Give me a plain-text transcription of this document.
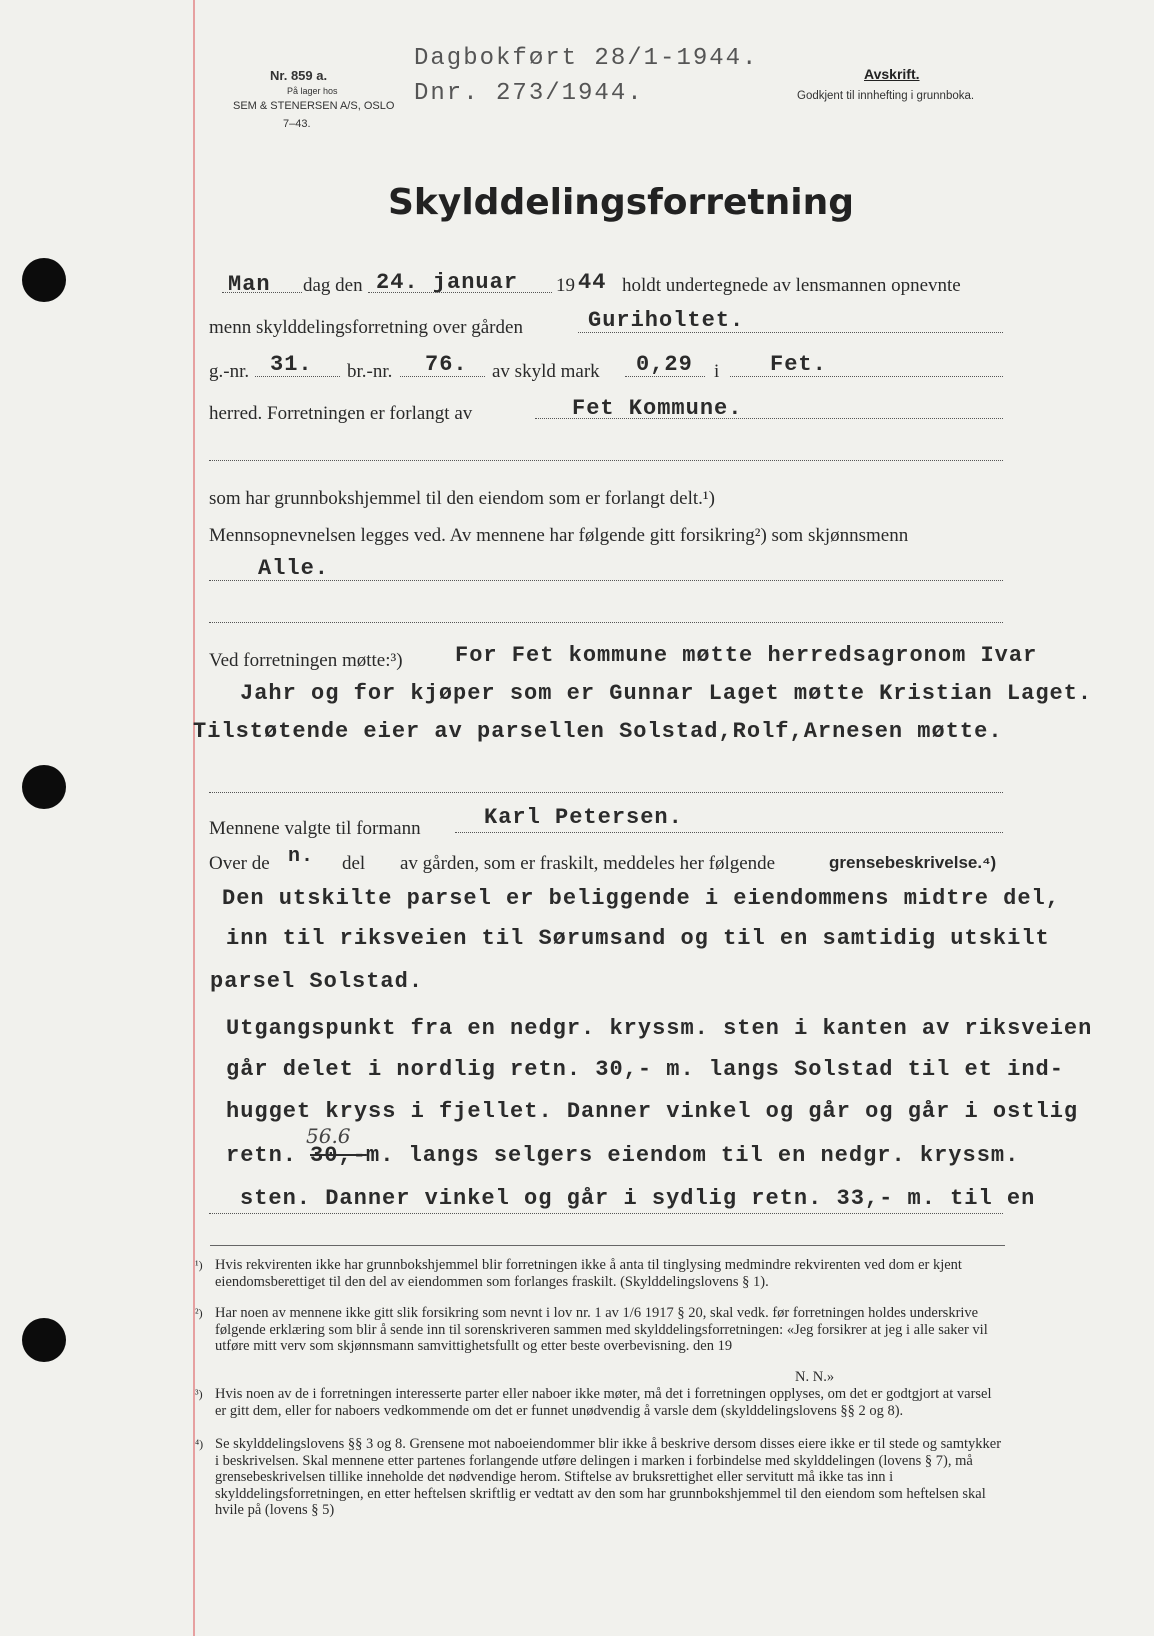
Nr. 859 a.
På lager hos
SEM & STENERSEN A/S, OSLO
7–43.
Dagbokført 28/1-1944.
Dnr. 273/1944.
Avskrift.
Godkjent til innhefting i grunnboka.
Skylddelingsforretning
Man dag den 24. januar 19 44 holdt undertegnede av lensmannen opnevnte
menn skylddelingsforretning over gården	Guriholtet.
g.-nr. 31. br.-nr. 76. av skyld mark 0,29 i Fet.
herred. Forretningen er forlangt av	Fet Kommune.
som har grunnbokshjemmel til den eiendom som er forlangt delt.¹)
Mennsopnevnelsen legges ved. Av mennene har følgende gitt forsikring²) som skjønnsmenn
Alle.
Ved forretningen møtte:³) For Fet kommune møtte herredsagronom Ivar
Jahr og for kjøper som er Gunnar Laget møtte Kristian Laget.
Tilstøtende eier av parsellen Solstad,Rolf,Arnesen møtte.
Mennene valgte til formann	Karl Petersen.
Over de n. del av gården, som er fraskilt, meddeles her følgende	grensebeskrivelse.⁴)
Den utskilte parsel er beliggende i eiendommens midtre del,
inn til riksveien til Sørumsand og til en samtidig utskilt
parsel Solstad.
Utgangspunkt fra en nedgr. kryssm. sten i kanten av riksveien
går delet i nordlig retn. 30,- m. langs Solstad til et ind-
hugget kryss i fjellet. Danner vinkel og går og går i ostlig
retn.
56.6
30,- m. langs selgers eiendom til en nedgr. kryssm.
sten. Danner vinkel og går i sydlig retn. 33,- m. til en
¹) Hvis rekvirenten ikke har grunnbokshjemmel blir forretningen ikke å anta til tinglysing medmindre rekvirenten ved dom er kjent eiendomsberettiget til den del av eiendommen som forlanges fraskilt. (Skylddelingslovens § 1).
²) Har noen av mennene ikke gitt slik forsikring som nevnt i lov nr. 1 av 1/6 1917 § 20, skal vedk. før forretningen holdes underskrive følgende erklæring som blir å sende inn til sorenskriveren sammen med skylddelingsforretningen: «Jeg forsikrer at jeg i alle saker vil utføre mitt verv som skjønnsmann samvittighetsfullt og etter beste overbevisning. den 19
N. N.»
³) Hvis noen av de i forretningen interesserte parter eller naboer ikke møter, må det i forretningen opplyses, om det er godtgjort at varsel er gitt dem, eller for naboers vedkommende om det er funnet unødvendig å varsle dem (skylddelingslovens §§ 2 og 8).
⁴) Se skylddelingslovens §§ 3 og 8. Grensene mot naboeiendommer blir ikke å beskrive dersom disses eiere ikke er til stede og samtykker i beskrivelsen. Skal mennene etter partenes forlangende utføre delingen i marken i forbindelse med skylddelingen (lovens § 7), må grensebeskrivelsen tillike inneholde det nødvendige herom. Stiftelse av bruksrettighet eller servitutt må ikke tas inn i skylddelingsforretningen, en etter heftelsen skriftlig er vedtatt av den som har grunnbokshjemmel til den eiendom som heftelsen skal hvile på (lovens § 5)
